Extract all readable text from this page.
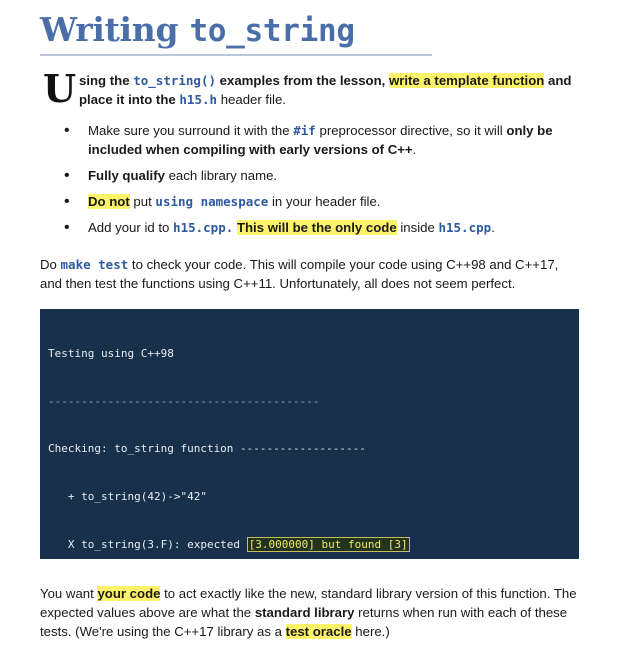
Writing to_string
U sing the to_string() examples from the lesson, write a template function and place it into the h15.h header file.

• Make sure you surround it with the #if preprocessor directive, so it will only be included when compiling with early versions of C++.
• Fully qualify each library name.
• Do not put using namespace in your header file.
• Add your id to h15.cpp. This will be the only code inside h15.cpp.

Do make test to check your code. This will compile your code using C++98 and C++17, and then test the functions using C++11. Unfortunately, all does not seem perfect.

Testing using C++98

-----------------------------------------

Checking: to_string function -------------------

+ to_string(42)->"42"

X to_string(3.F): expected [3.000000] but found [3]

You want your code to act exactly like the new, standard library version of this function. The expected values above are what the standard library returns when run with each of these tests. (We're using the C++17 library as a test oracle here.)
